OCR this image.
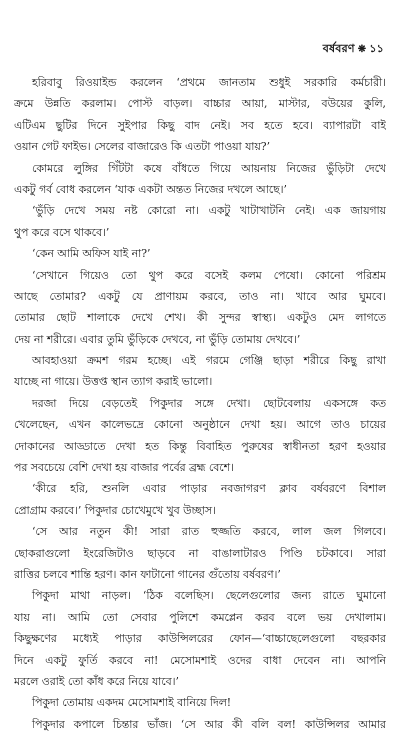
বর্ষবরণ ❋ ১১
হরিবাবু রিওয়াইন্ড করলেন ‘প্রথমে জানতাম শুধুই সরকারি কর্মচারী।
ক্রমে উন্নতি করলাম। পোস্ট বাড়ল। বাচ্চার আয়া, মাস্টার, বউয়ের কুলি,
এটিএম ছুটির দিনে সুইপার কিছু বাদ নেই। সব হতে হবে। ব্যাপারটা বাই
ওয়ান গেট ফাইভ। সেলের বাজারেও কি এতটা পাওয়া যায়?’
কোমরে লুঙ্গির গিঁটটা কষে বাঁধতে গিয়ে আয়নায় নিজের ভুঁড়িটা দেখে
একটু গর্ব বোধ করলেন ‘যাক একটা অন্তত নিজের দখলে আছে।’
‘ভুঁড়ি দেখে সময় নষ্ট কোরো না। একটু খাটাখাটনি নেই। এক জায়গায়
থুপ করে বসে থাকবে।’
‘কেন আমি অফিস যাই না?’
‘সেখানে গিয়েও তো থুপ করে বসেই কলম পেষো। কোনো পরিশ্রম
আছে তোমার? একটু যে প্রাণায়ম করবে, তাও না। খাবে আর ঘুমবে।
তোমার ছোট শালাকে দেখে শেখ। কী সুন্দর স্বাস্থ্য। একটুও মেদ লাগতে
দেয় না শরীরে। এবার তুমি ভুঁড়িকে দেখবে, না ভুঁড়ি তোমায় দেখবে।’
আবহাওয়া ক্রমশ গরম হচ্ছে। এই গরমে গেঞ্জি ছাড়া শরীরে কিছু রাখা
যাচ্ছে না গায়ে। উত্তপ্ত স্থান ত্যাগ করাই ভালো।
দরজা দিয়ে বেড়তেই পিকুদার সঙ্গে দেখা। ছোটবেলায় একসঙ্গে কত
খেলেছেন, এখন কালেভদ্রে কোনো অনুষ্ঠানে দেখা হয়। আগে তাও চায়ের
দোকানের আড্ডাতে দেখা হত কিন্তু বিবাহিত পুরুষের স্বাধীনতা হরণ হওয়ার
পর সবচেয়ে বেশি দেখা হয় বাজার পর্বের ব্রহ্ম বেশে।
‘কীরে হরি, শুনলি এবার পাড়ার নবজাগরণ ক্লাব বর্ষবরণে বিশাল
প্রোগ্রাম করবে।’ পিকুদার চোখেমুখে খুব উচ্ছাস।
‘সে আর নতুন কী! সারা রাত হুজ্জতি করবে, লাল জল গিলবে।
ছোকরাগুলো ইংরেজিটাও ছাড়বে না বাঙালাটারও পিণ্ডি চটকাবে। সারা
রাত্তির চলবে শান্তি হরণ। কান ফাটানো গানের গুঁতোয় বর্ষবরণ।’
পিকুদা মাথা নাড়ল। ‘ঠিক বলেছিস। ছেলেগুলোর জন্য রাতে ঘুমানো
যায় না। আমি তো সেবার পুলিশে কমপ্লেন করব বলে ভয় দেখালাম।
কিছুক্ষণের মধ্যেই পাড়ার কাউন্সিলরের ফোন—‘বাচ্চাছেলেগুলো বছরকার
দিনে একটু ফুর্তি করবে না! মেসোমশাই ওদের বাধা দেবেন না। আপনি
মরলে ওরাই তো কাঁধ করে নিয়ে যাবে।’
পিকুদা তোমায় একদম মেসোমশাই বানিয়ে দিল!
পিকুদার কপালে চিন্তার ভাঁজ। ‘সে আর কী বলি বল! কাউন্সিলর আমার
